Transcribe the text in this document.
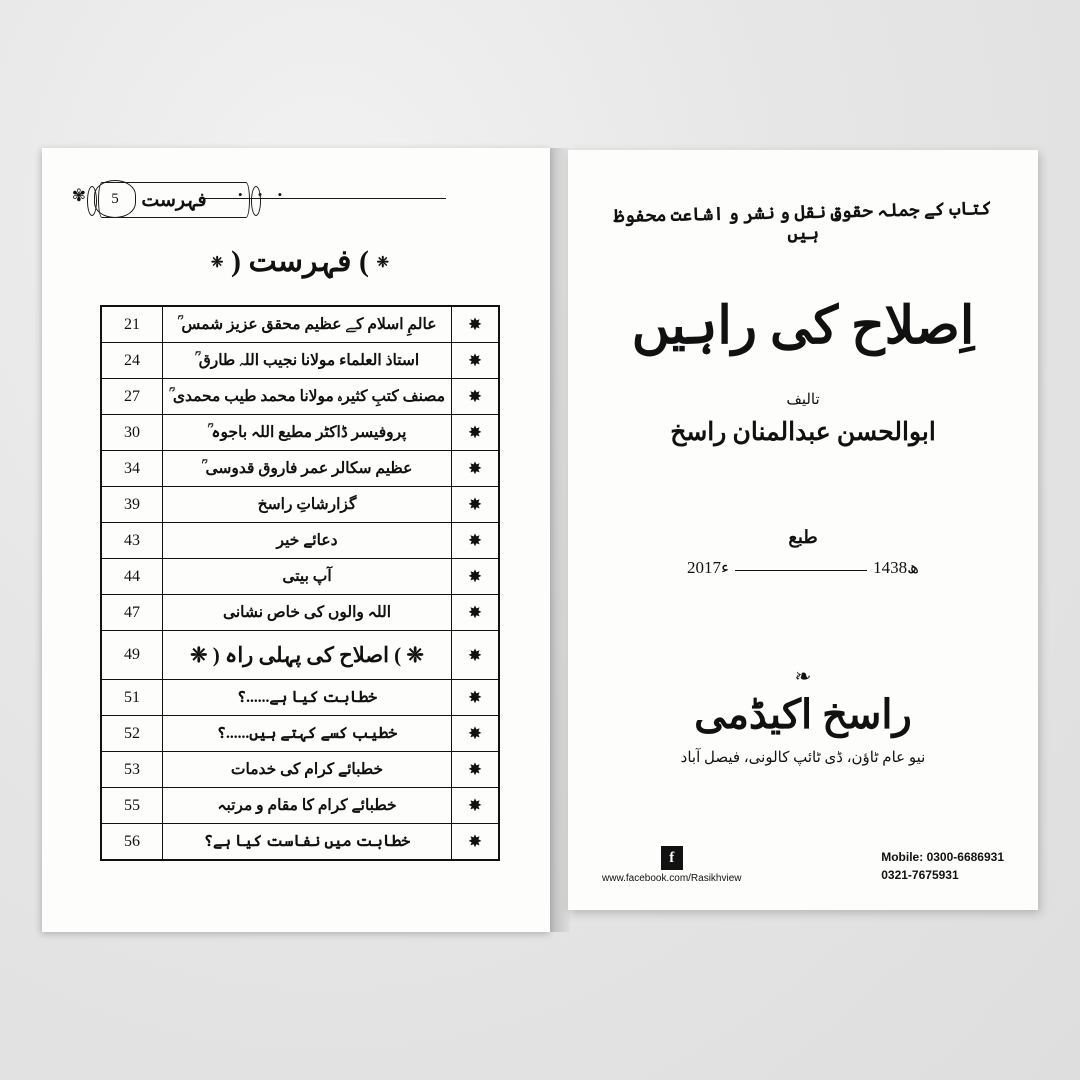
5
✾	• • •
فہرست
❈ ) فہرست ( ❈
✸	عالمِ اسلام کے عظیم محقق عزیز شمس ؒ	21
✸	استاذ العلماء مولانا نجیب اللہ طارق ؒ	24
✸	مصنف کتبِ کثیرہ مولانا محمد طیب محمدی ؒ	27
✸	پروفیسر ڈاکٹر مطیع اللہ باجوہ ؒ	30
✸	عظیم سکالر عمر فاروق قدوسی ؒ	34
✸	گزارشاتِ راسخ	39
✸	دعائے خیر	43
✸	آپ بیتی	44
✸	اللہ والوں کی خاص نشانی	47
✸	❈ ) اصلاح کی پہلی راہ ( ❈	49
✸	خطابت کیا ہے......؟	51
✸	خطیب کسے کہتے ہیں......؟	52
✸	خطبائے کرام کی خدمات	53
✸	خطبائے کرام کا مقام و مرتبہ	55
✸	خطابت میں نفاست کیا ہے؟	56
کتاب کے جملہ حقوقِ نقل و نشر و اشاعت محفوظ ہیں
اِصلاح کی راہیں
تالیف
ابوالحسن عبدالمنان راسخ
طبع
2017ء	1438ھ
❧
راسخ اکیڈمی
نیو عام ٹاؤن، ڈی ٹائپ کالونی، فیصل آباد
f
www.facebook.com/Rasikhview
Mobile: 0300-6686931
0321-7675931
